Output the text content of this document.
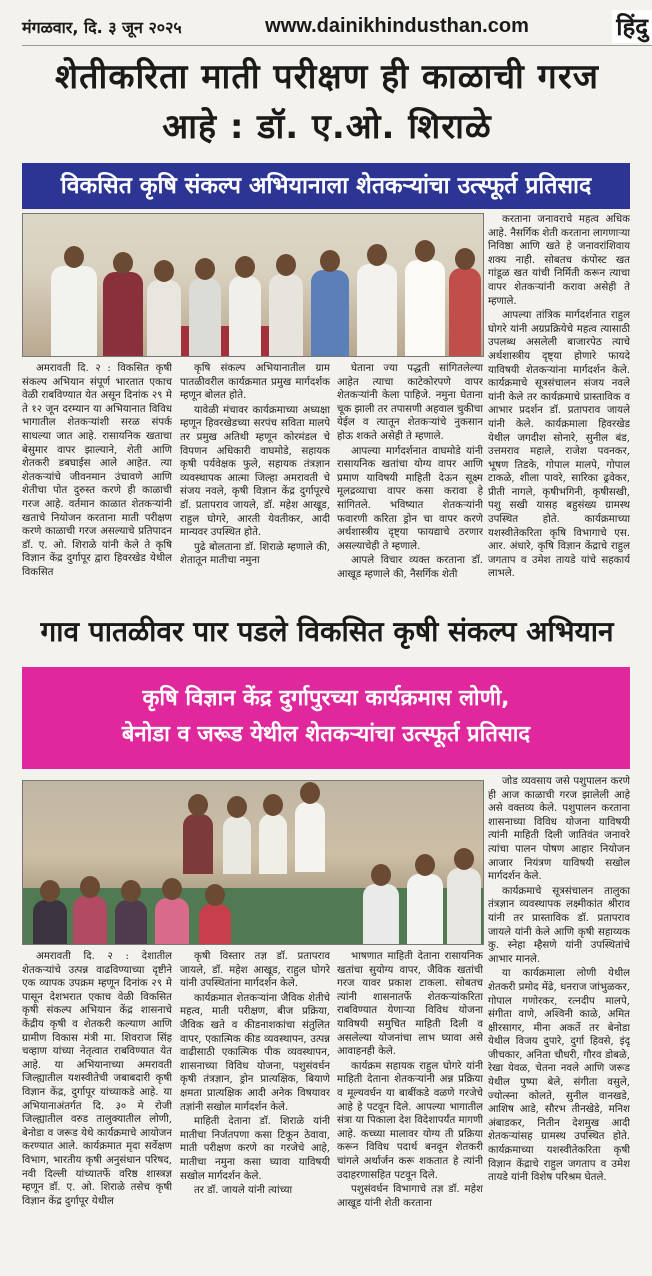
मंगळवार, दि. ३ जून २०२५	www.dainikhindusthan.com	हिंदु
शेतीकरिता माती परीक्षण ही काळाची गरज आहे : डॉ. ए.ओ. शिराळे
विकसित कृषि संकल्प अभियानाला शेतकऱ्यांचा उत्स्फूर्त प्रतिसाद

करताना जनावराचे महत्व अधिक आहे. नैसर्गिक शेती करताना लागणाऱ्या निविष्ठा आणि खते हे जनावरांशिवाय शक्य नाही. सोबतच कंपोस्ट खत गांडूळ खत यांची निर्मिती करून त्याचा वापर शेतकऱ्यांनी करावा असेही ते म्हणाले.

आपल्या तांत्रिक मार्गदर्शनात राहुल घोगरे यांनी अग्रप्रक्रियेचे महत्व त्यासाठी उपलब्ध असलेली बाजारपेठ त्याचे अर्थशास्त्रीय दृष्ट्या होणारे फायदे याविषयी शेतकऱ्यांना मार्गदर्शन केले. कार्यक्रमाचे सूत्रसंचालन संजय नवले यांनी केले तर कार्यक्रमाचे प्रास्ताविक व आभार प्रदर्शन डॉ. प्रतापराव जायले यांनी केले. कार्यक्रमाला हिवरखेड येथील जगदीश सोनारे, सुनील बंड, उत्तमराव महाले, राजेश पवनकर, भूषण तिडके, गोपाल मालपे, गोपाल टाकळे, शीला पावरे, सारिका ढ्रवेकर, प्रीती नागले, कृषीभगिनी, कृषीसखी, पशु सखी यासह बहुसंख्य ग्रामस्थ उपस्थित होते. कार्यक्रमाच्या यशस्वीतेकरिता कृषि विभागाचे एस. आर. अंधारे, कृषि विज्ञान केंद्राचे राहुल जगताप व उमेश तायडे यांचे सहकार्य लाभले.

अमरावती दि. २ : विकसित कृषी संकल्प अभियान संपूर्ण भारतात एकाच वेळी राबविण्यात येत असून दिनांक २९ मे ते १२ जून दरम्यान या अभियानात विविध भागातील शेतकऱ्यांशी सरळ संपर्क साधल्या जात आहे. रासायनिक खताचा बेसुमार वापर झाल्याने, शेती आणि शेतकरी डबघाईस आले आहेत. त्या शेतकऱ्यांचे जीवनमान उंचावणे आणि शेतीचा पोत दुरुस्त करणे ही काळाची गरज आहे. वर्तमान काळात शेतकऱ्यांनी खताचे नियोजन करताना माती परीक्षण करणे काळाची गरज असल्याचे प्रतिपादन डॉ. ए. ओ. शिराळे यांनी केले ते कृषि विज्ञान केंद्र दुर्गापूर द्वारा हिवरखेड येथील विकसित

कृषि संकल्प अभियानातील ग्राम पातळीवरील कार्यक्रमात प्रमुख मार्गदर्शक म्हणून बोलत होते.

यावेळी मंचावर कार्यक्रमाच्या अध्यक्षा म्हणून हिवरखेडच्या सरपंच सविता मालपे तर प्रमुख अतिथी म्हणून कोरमंडल चे विपणन अधिकारी वाघमोडे, सहायक कृषी पर्यवेक्षक फुले, सहायक तंत्रज्ञान व्यवस्थापक आत्मा जिल्हा अमरावती चे संजय नवले, कृषी विज्ञान केंद्र दुर्गापूरचे डॉ. प्रतापराव जायले, डॉ. महेश आखूड, राहुल घोगरे, आरती येवतीकर, आदी मान्यवर उपस्थित होते.

पुढे बोलताना डॉ. शिराळे म्हणाले की, शेतातून मातीचा नमुना

घेताना ज्या पद्धती सांगितलेल्या आहेत त्याचा काटेकोरपणे वापर शेतकऱ्यांनी केला पाहिजे. नमुना घेताना चूक झाली तर तपासणी अहवाल चुकीचा येईल व त्यातून शेतकऱ्यांचे नुकसान होऊ शकते असेही ते म्हणाले.

आपल्या मार्गदर्शनात वाघमोडे यांनी रासायनिक खतांचा योग्य वापर आणि प्रमाण याविषयी माहिती देऊन सूक्ष्म मूलद्रव्याचा वापर कसा करावा हे सांगितले. भविष्यात शेतकऱ्यांनी फवारणी करिता ड्रोन चा वापर करणे अर्थशास्त्रीय दृष्ट्या फायद्याचे ठरणार असल्याचेही ते म्हणाले.

आपले विचार व्यक्त करताना डॉ. आखूड म्हणाले की, नैसर्गिक शेती

गाव पातळीवर पार पडले विकसित कृषी संकल्प अभियान
कृषि विज्ञान केंद्र दुर्गापुरच्या कार्यक्रमास लोणी,
बेनोडा व जरूड येथील शेतकऱ्यांचा उत्स्फूर्त प्रतिसाद

जोड व्यवसाय जसे पशुपालन करणे ही आज काळाची गरज झालेली आहे असे वक्तव्य केले. पशुपालन करताना शासनाच्या विविध योजना याविषयी त्यांनी माहिती दिली जातिवंत जनावरे त्यांचा पालन पोषण आहार नियोजन आजार नियंत्रण याविषयी सखोल मार्गदर्शन केले.

कार्यक्रमाचे सूत्रसंचालन तालुका तंत्रज्ञान व्यवस्थापक लक्ष्मीकांत श्रीराव यांनी तर प्रास्ताविक डॉ. प्रतापराव जायले यांनी केले आणि कृषी सहाय्यक कु. स्नेहा म्हैसणे यांनी उपस्थितांचे आभार मानले.

या कार्यक्रमाला लोणी येथील शेतकरी प्रमोद मेंढे, धनराज जांभुळकर, गोपाल गणोरकर, रत्नदीप मालपे, संगीता वाणे, अश्विनी काळे, अमित क्षीरसागर, मीना अकर्ते तर बेनोडा येथील विजय दुपारे, दुर्गा हिवसे, इंदू जीचकार, अनिता चौधरी, गौरव डोबळे, रेखा येवळ, चेतना नवले आणि जरूड येथील पुष्पा बेले, संगीता वसुले, ज्योत्स्ना कोलते, सुनील वानखडे, आशिष आडे, सौरभ तीनखेडे, मनिश अंबाडकर, नितीन देशमुख आदी शेतकऱ्यांसह ग्रामस्थ उपस्थित होते. कार्यक्रमाच्या यशस्वीतेकरिता कृषी विज्ञान केंद्राचे राहुल जगताप व उमेश तायडे यांनी विशेष परिश्रम घेतले.

अमरावती दि. २ : देशातील शेतकऱ्यांचे उत्पन्न वाढविण्याच्या दृष्टीने एक व्यापक उपक्रम म्हणून दिनांक २९ मे पासून देशभरात एकाच वेळी विकसित कृषी संकल्प अभियान केंद्र शासनाचे केंद्रीय कृषी व शेतकरी कल्याण आणि ग्रामीण विकास मंत्री मा. शिवराज सिंह चव्हाण यांच्या नेतृत्वात राबविण्यात येत आहे. या अभियानाच्या अमरावती जिल्ह्यातील यशस्वीतेची जबाबदारी कृषी विज्ञान केंद्र, दुर्गापूर यांच्याकडे आहे. या अभियानाअंतर्गत दि. ३० मे रोजी जिल्ह्यातील वरुड तालुक्यातील लोणी, बेनोडा व जरूड येथे कार्यक्रमाचे आयोजन करण्यात आले. कार्यक्रमात मृदा सर्वेक्षण विभाग, भारतीय कृषी अनुसंधान परिषद, नवी दिल्ली यांच्यातर्फे वरिष्ठ शास्त्रज्ञ म्हणून डॉ. ए. ओ. शिराळे तसेच कृषी विज्ञान केंद्र दुर्गापूर येथील

कृषी विस्तार तज्ञ डॉ. प्रतापराव जायले, डॉ. महेश आखूड, राहुल घोगरे यांनी उपस्थितांना मार्गदर्शन केले.

कार्यक्रमात शेतकऱ्यांना जैविक शेतीचे महत्व, माती परीक्षण, बीज प्रक्रिया, जैविक खते व कीडनाशकांचा संतुलित वापर, एकात्मिक कीड व्यवस्थापन, उत्पन्न वाढीसाठी एकात्मिक पीक व्यवस्थापन, शासनाच्या विविध योजना, पशुसंवर्धन कृषी तंत्रज्ञान, ड्रोन प्रात्यक्षिक, बियाणे क्षमता प्रात्यक्षिक आदी अनेक विषयावर तज्ञांनी सखोल मार्गदर्शन केले.

माहिती देताना डॉ. शिराळे यांनी मातीचा निर्जतपणा कसा टिकून ठेवावा, माती परीक्षण करणे का गरजेचे आहे, मातीचा नमुना कसा घ्यावा याविषयी सखोल मार्गदर्शन केले.

तर डॉ. जायले यांनी त्यांच्या

भाषणात माहिती देताना रासायनिक खतांचा सुयोग्य वापर, जैविक खतांची गरज यावर प्रकाश टाकला. सोबतच त्यांनी शासनातर्फे शेतकऱ्यांकरिता राबविण्यात येणाऱ्या विविध योजना याविषयी समुचित माहिती दिली व असलेल्या योजनांचा लाभ घ्यावा असे आवाहनही केले.

कार्यक्रम सहायक राहुल घोगरे यांनी माहिती देताना शेतकऱ्यांनी अन्न प्रक्रिया व मूल्यवर्धन या बाबींकडे वळणे गरजेचे आहे हे पटवून दिले. आपल्या भागातील संत्रा या पिकाला देश विदेशापर्यंत मागणी आहे. कच्च्या मालावर योग्य ती प्रक्रिया करून विविध पदार्थ बनवून शेतकरी चांगले अर्थार्जन करू शकतात हे त्यांनी उदाहरणासहित पटवून दिले.

पशुसंवर्धन विभागाचे तज्ञ डॉ. महेश आखूड यांनी शेती करताना
